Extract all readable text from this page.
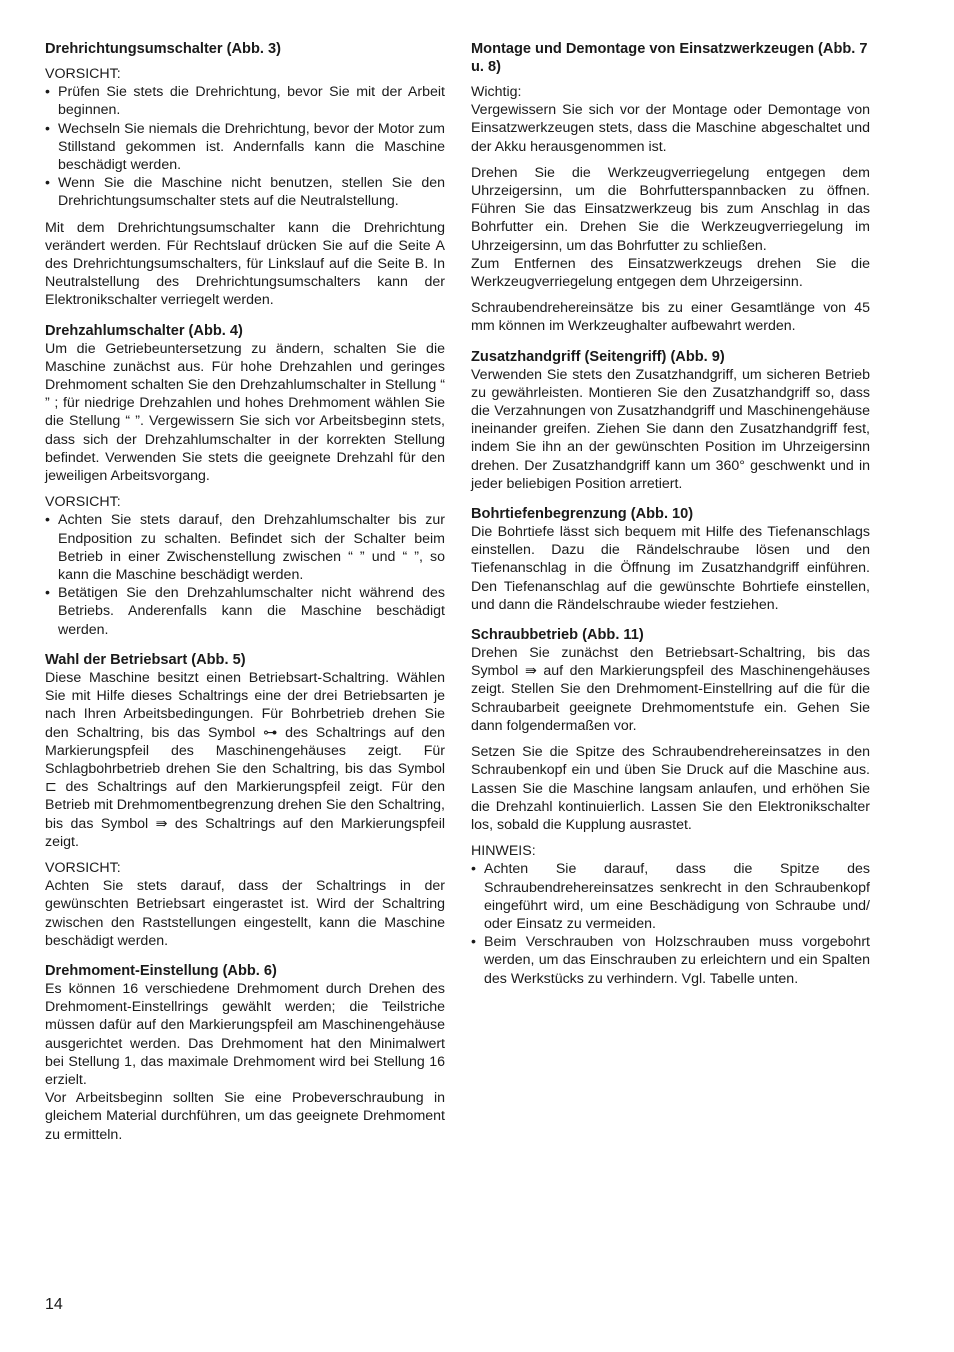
Drehrichtungsumschalter (Abb. 3)
VORSICHT:
• Prüfen Sie stets die Drehrichtung, bevor Sie mit der Arbeit beginnen.
• Wechseln Sie niemals die Drehrichtung, bevor der Motor zum Stillstand gekommen ist. Andernfalls kann die Maschine beschädigt werden.
• Wenn Sie die Maschine nicht benutzen, stellen Sie den Drehrichtungsumschalter stets auf die Neutralstellung.

Mit dem Drehrichtungsumschalter kann die Drehrichtung verändert werden. Für Rechtslauf drücken Sie auf die Seite A des Drehrichtungsumschalters, für Linkslauf auf die Seite B. In Neutralstellung des Drehrichtungsumschalters kann der Elektronikschalter verriegelt werden.

Drehzahlumschalter (Abb. 4)

Um die Getriebeuntersetzung zu ändern, schalten Sie die Maschine zunächst aus. Für hohe Drehzahlen und geringes Drehmoment schalten Sie den Drehzahlumschalter in Stellung “ ” ; für niedrige Drehzahlen und hohes Drehmoment wählen Sie die Stellung “ ”. Vergewissern Sie sich vor Arbeitsbeginn stets, dass sich der Drehzahlumschalter in der korrekten Stellung befindet. Verwenden Sie stets die geeignete Drehzahl für den jeweiligen Arbeitsvorgang.

VORSICHT:
• Achten Sie stets darauf, den Drehzahlumschalter bis zur Endposition zu schalten. Befindet sich der Schalter beim Betrieb in einer Zwischenstellung zwischen “ ” und “ ”, so kann die Maschine beschädigt werden.
• Betätigen Sie den Drehzahlumschalter nicht während des Betriebs. Anderenfalls kann die Maschine beschädigt werden.
Wahl der Betriebsart (Abb. 5)

Diese Maschine besitzt einen Betriebsart-Schaltring. Wählen Sie mit Hilfe dieses Schaltrings eine der drei Betriebsarten je nach Ihren Arbeitsbedingungen. Für Bohrbetrieb drehen Sie den Schaltring, bis das Symbol ⊶ des Schaltrings auf den Markierungspfeil des Maschinengehäuses zeigt. Für Schlagbohrbetrieb drehen Sie den Schaltring, bis das Symbol ⊏ des Schaltrings auf den Markierungspfeil zeigt. Für den Betrieb mit Drehmomentbegrenzung drehen Sie den Schaltring, bis das Symbol ⇛ des Schaltrings auf den Markierungspfeil zeigt.

VORSICHT:

Achten Sie stets darauf, dass der Schaltrings in der gewünschten Betriebsart eingerastet ist. Wird der Schaltring zwischen den Raststellungen eingestellt, kann die Maschine beschädigt werden.

Drehmoment-Einstellung (Abb. 6)

Es können 16 verschiedene Drehmoment durch Drehen des Drehmoment-Einstellrings gewählt werden; die Teilstriche müssen dafür auf den Markierungspfeil am Maschinengehäuse ausgerichtet werden. Das Drehmoment hat den Minimalwert bei Stellung 1, das maximale Drehmoment wird bei Stellung 16 erzielt.

Vor Arbeitsbeginn sollten Sie eine Probeverschraubung in gleichem Material durchführen, um das geeignete Drehmoment zu ermitteln.

Montage und Demontage von Einsatzwerkzeugen (Abb. 7 u. 8)
Wichtig:

Vergewissern Sie sich vor der Montage oder Demontage von Einsatzwerkzeugen stets, dass die Maschine abgeschaltet und der Akku herausgenommen ist.

Drehen Sie die Werkzeugverriegelung entgegen dem Uhrzeigersinn, um die Bohrfutterspannbacken zu öffnen. Führen Sie das Einsatzwerkzeug bis zum Anschlag in das Bohrfutter ein. Drehen Sie die Werkzeugverriegelung im Uhrzeigersinn, um das Bohrfutter zu schließen.

Zum Entfernen des Einsatzwerkzeugs drehen Sie die Werkzeugverriegelung entgegen dem Uhrzeigersinn.

Schraubendrehereinsätze bis zu einer Gesamtlänge von 45 mm können im Werkzeughalter aufbewahrt werden.

Zusatzhandgriff (Seitengriff) (Abb. 9)

Verwenden Sie stets den Zusatzhandgriff, um sicheren Betrieb zu gewährleisten. Montieren Sie den Zusatzhandgriff so, dass die Verzahnungen von Zusatzhandgriff und Maschinengehäuse ineinander greifen. Ziehen Sie dann den Zusatzhandgriff fest, indem Sie ihn an der gewünschten Position im Uhrzeigersinn drehen. Der Zusatzhandgriff kann um 360° geschwenkt und in jeder beliebigen Position arretiert.

Bohrtiefenbegrenzung (Abb. 10)

Die Bohrtiefe lässt sich bequem mit Hilfe des Tiefenanschlags einstellen. Dazu die Rändelschraube lösen und den Tiefenanschlag in die Öffnung im Zusatzhandgriff einführen. Den Tiefenanschlag auf die gewünschte Bohrtiefe einstellen, und dann die Rändelschraube wieder festziehen.

Schraubbetrieb (Abb. 11)

Drehen Sie zunächst den Betriebsart-Schaltring, bis das Symbol ⇛ auf den Markierungspfeil des Maschinengehäuses zeigt. Stellen Sie den Drehmoment-Einstellring auf die für die Schraubarbeit geeignete Drehmomentstufe ein. Gehen Sie dann folgendermaßen vor.

Setzen Sie die Spitze des Schraubendrehereinsatzes in den Schraubenkopf ein und üben Sie Druck auf die Maschine aus. Lassen Sie die Maschine langsam anlaufen, und erhöhen Sie die Drehzahl kontinuierlich. Lassen Sie den Elektronikschalter los, sobald die Kupplung ausrastet.

HINWEIS:
• Achten Sie darauf, dass die Spitze des Schraubendrehereinsatzes senkrecht in den Schraubenkopf eingeführt wird, um eine Beschädigung von Schraube und/ oder Einsatz zu vermeiden.
• Beim Verschrauben von Holzschrauben muss vorgebohrt werden, um das Einschrauben zu erleichtern und ein Spalten des Werkstücks zu verhindern. Vgl. Tabelle unten.
14
